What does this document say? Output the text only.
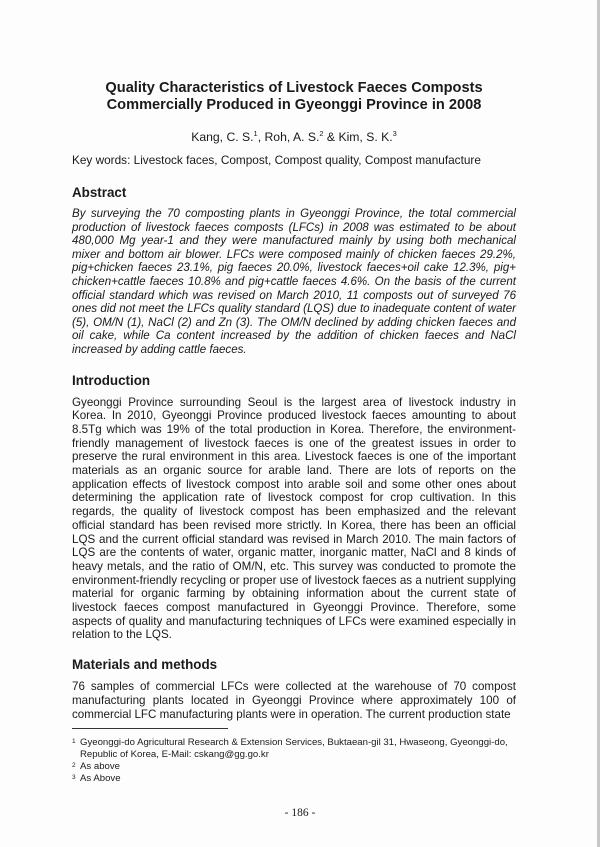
Quality Characteristics of Livestock Faeces Composts
Commercially Produced in Gyeonggi Province in 2008
Kang, C. S.$^1$, Roh, A. S.$^2$ & Kim, S. K.$^3$
Key words: Livestock faces, Compost, Compost quality, Compost manufacture
Abstract

By surveying the 70 composting plants in Gyeonggi Province, the total commercial production of livestock faeces composts (LFCs) in 2008 was estimated to be about 480,000 Mg year-1 and they were manufactured mainly by using both mechanical mixer and bottom air blower. LFCs were composed mainly of chicken faeces 29.2%, pig+chicken faeces 23.1%, pig faeces 20.0%, livestock faeces+oil cake 12.3%, pig+ chicken+cattle faeces 10.8% and pig+cattle faeces 4.6%. On the basis of the current official standard which was revised on March 2010, 11 composts out of surveyed 76 ones did not meet the LFCs quality standard (LQS) due to inadequate content of water (5), OM/N (1), NaCl (2) and Zn (3). The OM/N declined by adding chicken faeces and oil cake, while Ca content increased by the addition of chicken faeces and NaCl increased by adding cattle faeces.

Introduction

Gyeonggi Province surrounding Seoul is the largest area of livestock industry in Korea. In 2010, Gyeonggi Province produced livestock faeces amounting to about 8.5Tg which was 19% of the total production in Korea. Therefore, the environment-friendly management of livestock faeces is one of the greatest issues in order to preserve the rural environment in this area. Livestock faeces is one of the important materials as an organic source for arable land. There are lots of reports on the application effects of livestock compost into arable soil and some other ones about determining the application rate of livestock compost for crop cultivation. In this regards, the quality of livestock compost has been emphasized and the relevant official standard has been revised more strictly. In Korea, there has been an official LQS and the current official standard was revised in March 2010. The main factors of LQS are the contents of water, organic matter, inorganic matter, NaCl and 8 kinds of heavy metals, and the ratio of OM/N, etc. This survey was conducted to promote the environment-friendly recycling or proper use of livestock faeces as a nutrient supplying material for organic farming by obtaining information about the current state of livestock faeces compost manufactured in Gyeonggi Province. Therefore, some aspects of quality and manufacturing techniques of LFCs were examined especially in relation to the LQS.

Materials and methods

76 samples of commercial LFCs were collected at the warehouse of 70 compost manufacturing plants located in Gyeonggi Province where approximately 100 of commercial LFC manufacturing plants were in operation. The current production state

1 Gyeonggi-do Agricultural Research & Extension Services, Buktaean-gil 31, Hwaseong, Gyeonggi-do, Republic of Korea, E-Mail: cskang@gg.go.kr
2 As above
3 As Above
- 186 -
